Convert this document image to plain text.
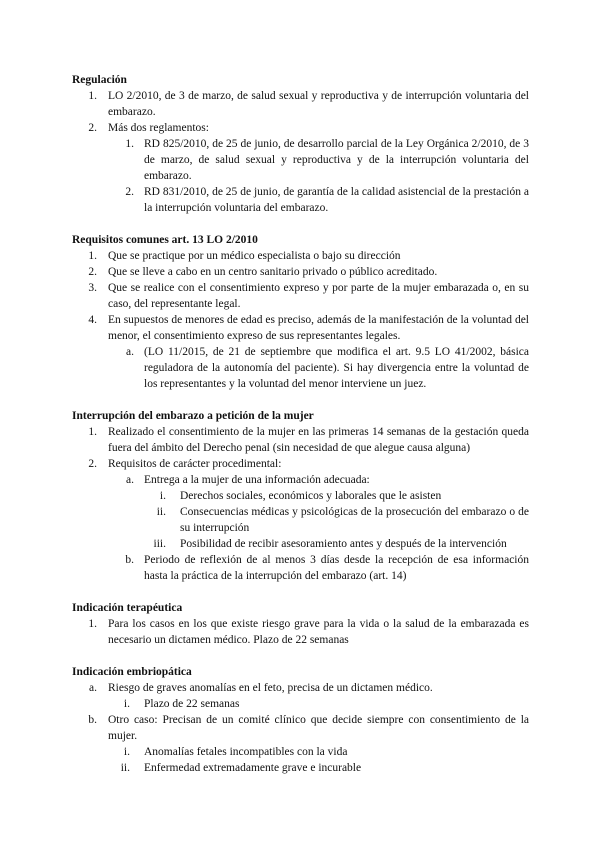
Regulación
1. LO 2/2010, de 3 de marzo, de salud sexual y reproductiva y de interrupción voluntaria del embarazo.
2. Más dos reglamentos:
1. RD 825/2010, de 25 de junio, de desarrollo parcial de la Ley Orgánica 2/2010, de 3 de marzo, de salud sexual y reproductiva y de la interrupción voluntaria del embarazo.
2. RD 831/2010, de 25 de junio, de garantía de la calidad asistencial de la prestación a la interrupción voluntaria del embarazo.
Requisitos comunes art. 13 LO 2/2010
1. Que se practique por un médico especialista o bajo su dirección
2. Que se lleve a cabo en un centro sanitario privado o público acreditado.
3. Que se realice con el consentimiento expreso y por parte de la mujer embarazada o, en su caso, del representante legal.
4. En supuestos de menores de edad es preciso, además de la manifestación de la voluntad del menor, el consentimiento expreso de sus representantes legales.
a. (LO 11/2015, de 21 de septiembre que modifica el art. 9.5 LO 41/2002, básica reguladora de la autonomía del paciente). Si hay divergencia entre la voluntad de los representantes y la voluntad del menor interviene un juez.
Interrupción del embarazo a petición de la mujer
1. Realizado el consentimiento de la mujer en las primeras 14 semanas de la gestación queda fuera del ámbito del Derecho penal (sin necesidad de que alegue causa alguna)
2. Requisitos de carácter procedimental:
a. Entrega a la mujer de una información adecuada:
i. Derechos sociales, económicos y laborales que le asisten
ii. Consecuencias médicas y psicológicas de la prosecución del embarazo o de su interrupción
iii. Posibilidad de recibir asesoramiento antes y después de la intervención
b. Periodo de reflexión de al menos 3 días desde la recepción de esa información hasta la práctica de la interrupción del embarazo (art. 14)
Indicación terapéutica
1. Para los casos en los que existe riesgo grave para la vida o la salud de la embarazada es necesario un dictamen médico. Plazo de 22 semanas
Indicación embriopática
a. Riesgo de graves anomalías en el feto, precisa de un dictamen médico.
i. Plazo de 22 semanas
b. Otro caso: Precisan de un comité clínico que decide siempre con consentimiento de la mujer.
i. Anomalías fetales incompatibles con la vida
ii. Enfermedad extremadamente grave e incurable
